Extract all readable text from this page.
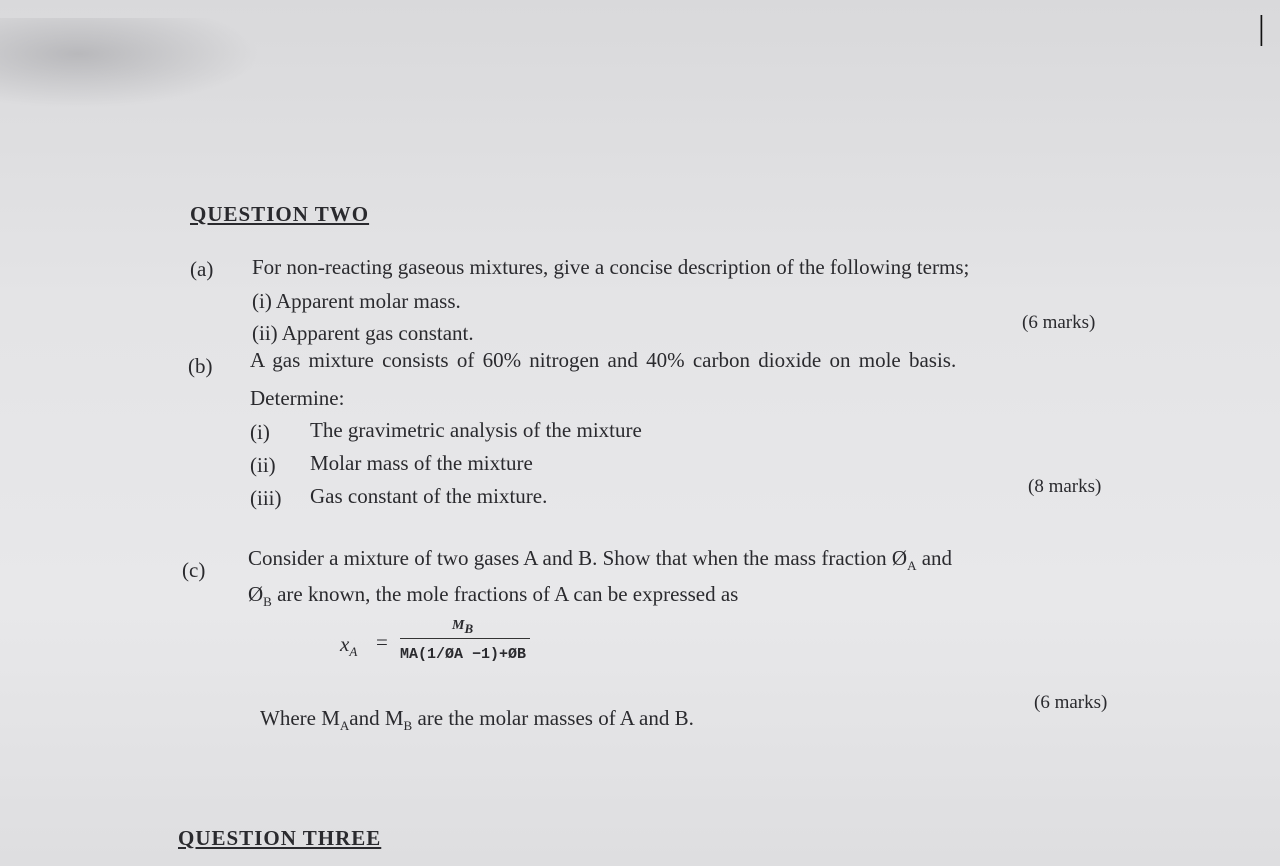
|
QUESTION TWO
(a) For non-reacting gaseous mixtures, give a concise description of the following terms;
(i) Apparent molar mass.
(ii) Apparent gas constant.	(6 marks)
(b) A gas mixture consists of 60% nitrogen and 40% carbon dioxide on mole basis.
Determine:
(i) The gravimetric analysis of the mixture
(ii) Molar mass of the mixture
(iii) Gas constant of the mixture.	(8 marks)
(c) Consider a mixture of two gases A and B. Show that when the mass fraction $Ø_A$ and
$Ø_B$ are known, the mole fractions of A can be expressed as
$x_A$ =
$M_B$
MA(1/ØA −1)+ØB
Where $M_Aand$ $M_B$ are the molar masses of A and B.
(6 marks)
QUESTION THREE
